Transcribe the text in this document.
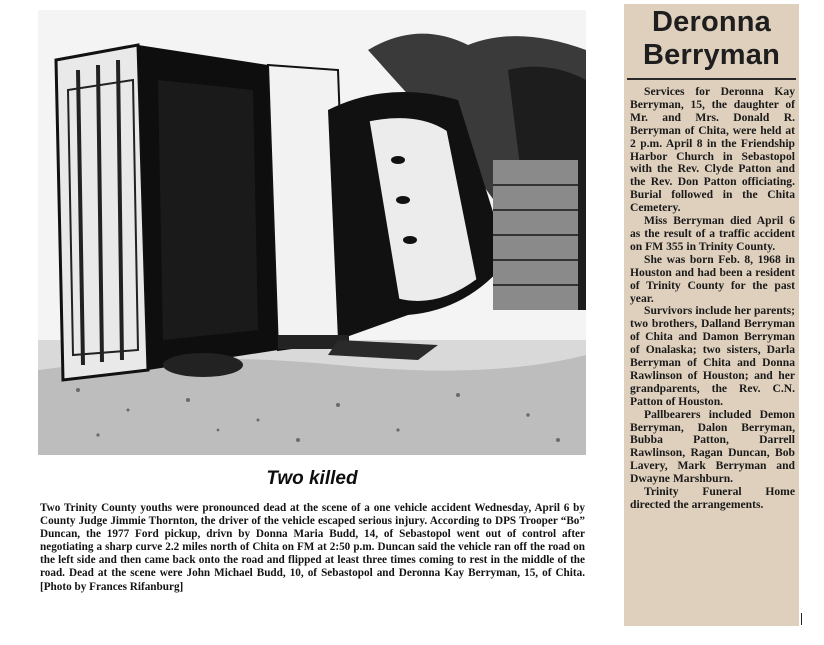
Two killed
Two Trinity County youths were pronounced dead at the scene of a one vehicle accident Wednesday, April 6 by County Judge Jimmie Thornton, the driver of the vehicle escaped serious injury. According to DPS Trooper “Bo” Duncan, the 1977 Ford pickup, drivn by Donna Maria Budd, 14, of Sebastopol went out of control after negotiating a sharp curve 2.2 miles north of Chita on FM at 2:50 p.m. Duncan said the vehicle ran off the road on the left side and then came back onto the road and flipped at least three times coming to rest in the middle of the road. Dead at the scene were John Michael Budd, 10, of Sebastopol and Deronna Kay Berryman, 15, of Chita. [Photo by Frances Rifanburg]
Deronna Berryman

Services for Deronna Kay Berryman, 15, the daughter of Mr. and Mrs. Donald R. Berryman of Chita, were held at 2 p.m. April 8 in the Friendship Harbor Church in Sebastopol with the Rev. Clyde Patton and the Rev. Don Patton officiating. Burial followed in the Chita Cemetery.

Miss Berryman died April 6 as the result of a traffic accident on FM 355 in Trinity County.

She was born Feb. 8, 1968 in Houston and had been a resident of Trinity County for the past year.

Survivors include her parents; two brothers, Dalland Berryman of Chita and Damon Berryman of Onalaska; two sisters, Darla Berryman of Chita and Donna Rawlinson of Houston; and her grandparents, the Rev. C.N. Patton of Houston.

Pallbearers included Demon Berryman, Dalon Berryman, Bubba Patton, Darrell Rawlinson, Ragan Duncan, Bob Lavery, Mark Berryman and Dwayne Marshburn.

Trinity Funeral Home directed the arrangements.
